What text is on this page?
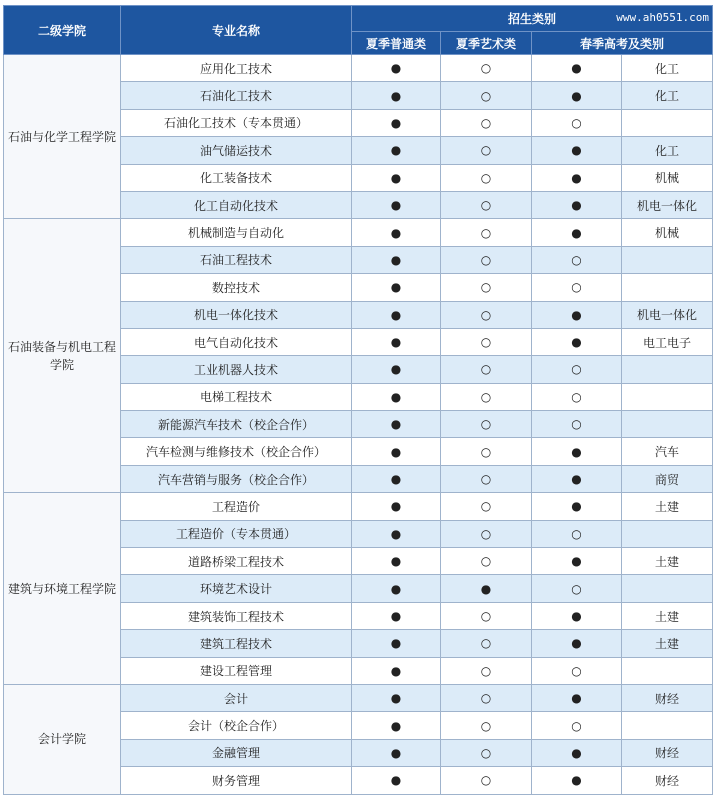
二级学院	专业名称	招生类别			
		夏季普通类	夏季艺术类	春季高考及类别	
石油与化学工程学院	应用化工技术	●	○	●	化工
	石油化工技术	●	○	●	化工
	石油化工技术（专本贯通）	●	○	○	
	油气储运技术	●	○	●	化工
	化工装备技术	●	○	●	机械
	化工自动化技术	●	○	●	机电一体化
石油装备与机电工程学院	机械制造与自动化	●	○	●	机械
	石油工程技术	●	○	○	
	数控技术	●	○	○	
	机电一体化技术	●	○	●	机电一体化
	电气自动化技术	●	○	●	电工电子
	工业机器人技术	●	○	○	
	电梯工程技术	●	○	○	
	新能源汽车技术（校企合作）	●	○	○	
	汽车检测与维修技术（校企合作）	●	○	●	汽车
	汽车营销与服务（校企合作）	●	○	●	商贸
建筑与环境工程学院	工程造价	●	○	●	土建
	工程造价（专本贯通）	●	○	○	
	道路桥梁工程技术	●	○	●	土建
	环境艺术设计	●	●	○	
	建筑装饰工程技术	●	○	●	土建
	建筑工程技术	●	○	●	土建
	建设工程管理	●	○	○	
会计学院	会计	●	○	●	财经
	会计（校企合作）	●	○	○	
	金融管理	●	○	●	财经
	财务管理	●	○	●	财经
www.ah0551.com
